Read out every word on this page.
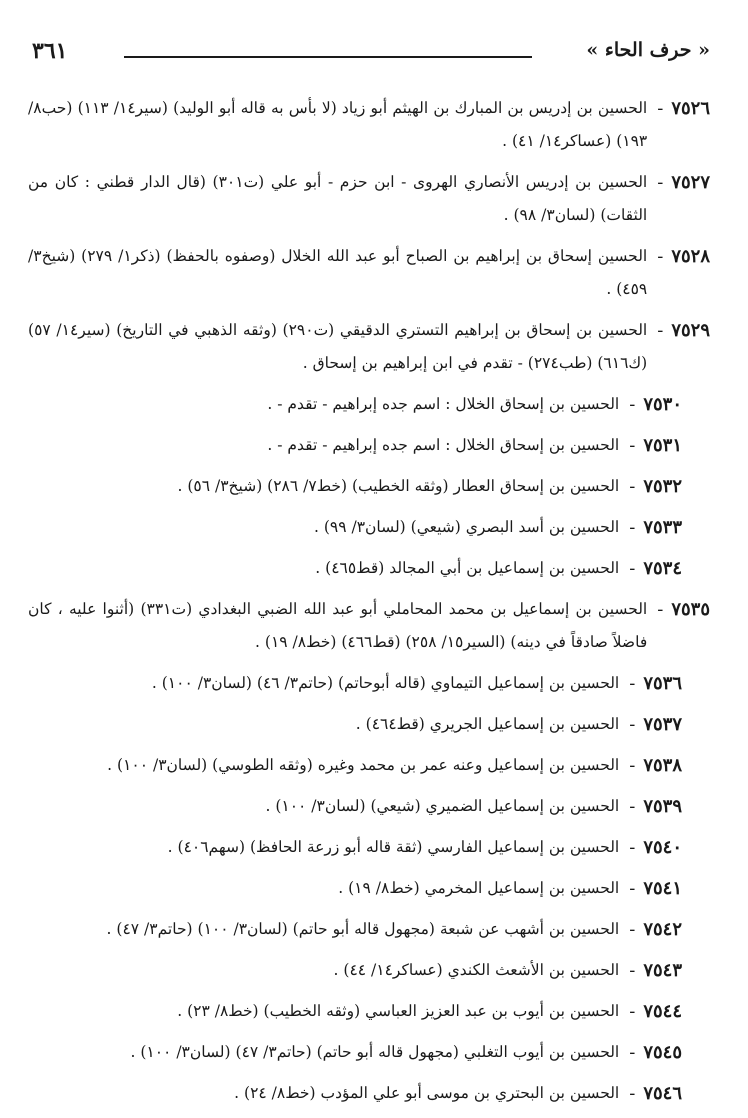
٣٦١	« حرف الحاء »
٧٥٢٦
-
الحسين بن إدريس بن المبارك بن الهيثم أبو زياد (لا بأس به قاله أبو الوليد) (سير١٤/ ١١٣) (حب٨/ ١٩٣) (عساكر١٤/ ٤١) .
٧٥٢٧
-
الحسين بن إدريس الأنصاري الهروى - ابن حزم - أبو علي (ت٣٠١) (قال الدار قطني : كان من الثقات) (لسان٣/ ٩٨) .
٧٥٢٨
-
الحسين إسحاق بن إبراهيم بن الصباح أبو عبد الله الخلال (وصفوه بالحفظ) (ذكر١/ ٢٧٩) (شيخ٣/ ٤٥٩) .
٧٥٢٩
-
الحسين بن إسحاق بن إبراهيم التستري الدقيقي (ت٢٩٠) (وثقه الذهبي في التاريخ) (سير١٤/ ٥٧) (ك٦١٦) (طب٢٧٤) - تقدم في ابن إبراهيم بن إسحاق .
٧٥٣٠
-
الحسين بن إسحاق الخلال : اسم جده إبراهيم - تقدم - .
٧٥٣١
-
الحسين بن إسحاق الخلال : اسم جده إبراهيم - تقدم - .
٧٥٣٢
-
الحسين بن إسحاق العطار (وثقه الخطيب) (خط٧/ ٢٨٦) (شيخ٣/ ٥٦) .
٧٥٣٣
-
الحسين بن أسد البصري (شيعي) (لسان٣/ ٩٩) .
٧٥٣٤
-
الحسين بن إسماعيل بن أبي المجالد (قط٤٦٥) .
٧٥٣٥
-
الحسين بن إسماعيل بن محمد المحاملي أبو عبد الله الضبي البغدادي (ت٣٣١) (أثنوا عليه ، كان فاضلاً صادقاً في دينه) (السير١٥/ ٢٥٨) (قط٤٦٦) (خط٨/ ١٩) .
٧٥٣٦
-
الحسين بن إسماعيل التيماوي (قاله أبوحاتم) (حاتم٣/ ٤٦) (لسان٣/ ١٠٠) .
٧٥٣٧
-
الحسين بن إسماعيل الجريري (قط٤٦٤) .
٧٥٣٨
-
الحسين بن إسماعيل وعنه عمر بن محمد وغيره (وثقه الطوسي) (لسان٣/ ١٠٠) .
٧٥٣٩
-
الحسين بن إسماعيل الضميري (شيعي) (لسان٣/ ١٠٠) .
٧٥٤٠
-
الحسين بن إسماعيل الفارسي (ثقة قاله أبو زرعة الحافظ) (سهم٤٠٦) .
٧٥٤١
-
الحسين بن إسماعيل المخرمي (خط٨/ ١٩) .
٧٥٤٢
-
الحسين بن أشهب عن شبعة (مجهول قاله أبو حاتم) (لسان٣/ ١٠٠) (حاتم٣/ ٤٧) .
٧٥٤٣
-
الحسين بن الأشعث الكندي (عساكر١٤/ ٤٤) .
٧٥٤٤
-
الحسين بن أيوب بن عبد العزيز العباسي (وثقه الخطيب) (خط٨/ ٢٣) .
٧٥٤٥
-
الحسين بن أيوب التغلبي (مجهول قاله أبو حاتم) (حاتم٣/ ٤٧) (لسان٣/ ١٠٠) .
٧٥٤٦
-
الحسين بن البحتري بن موسى أبو علي المؤدب (خط٨/ ٢٤) .
